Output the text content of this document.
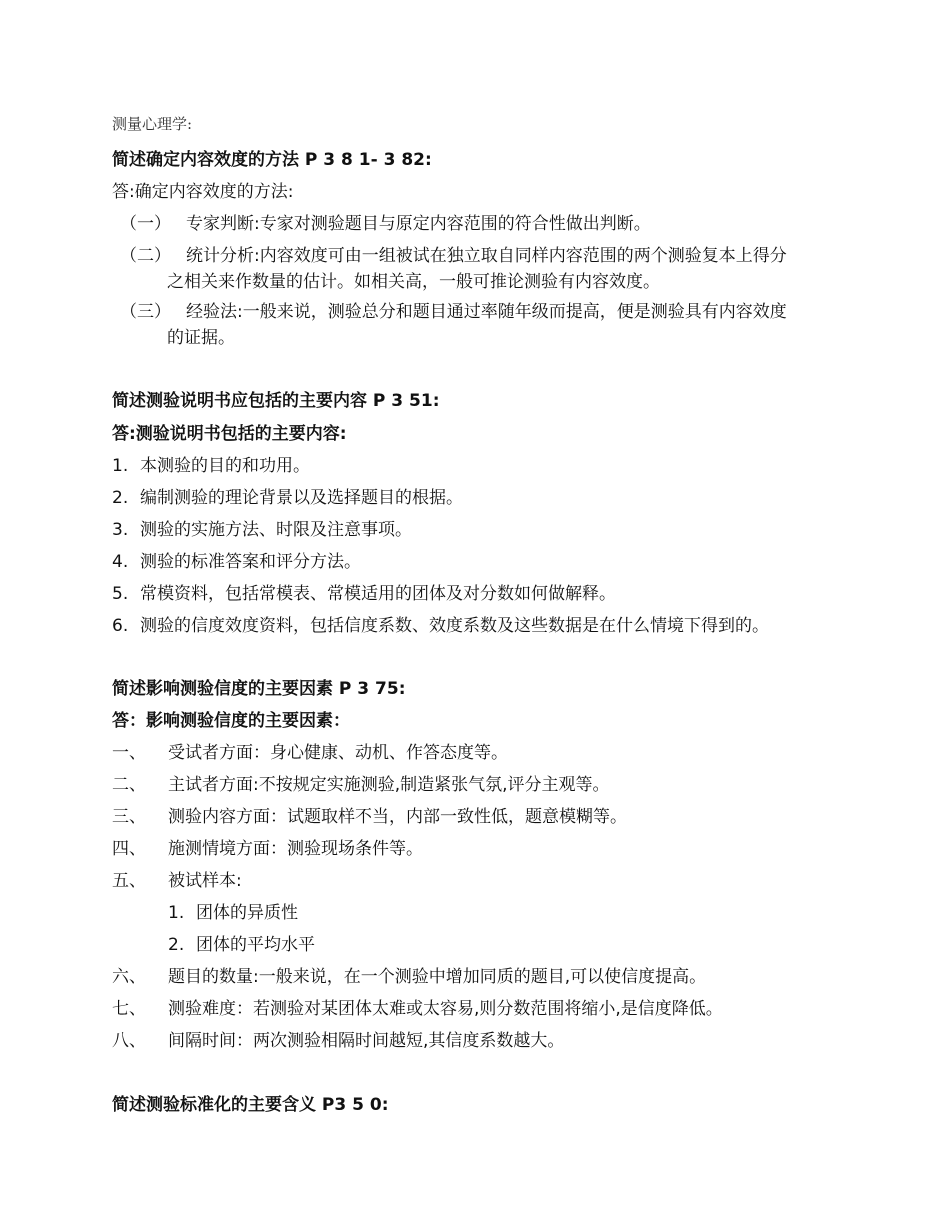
测量心理学:
简述确定内容效度的方法 P 3 8 1- 3 82:
答:确定内容效度的方法:
（一） 专家判断:专家对测验题目与原定内容范围的符合性做出判断。
（二） 统计分析:内容效度可由一组被试在独立取自同样内容范围的两个测验复本上得分
之相关来作数量的估计。如相关高，一般可推论测验有内容效度。
（三） 经验法:一般来说，测验总分和题目通过率随年级而提高，便是测验具有内容效度
的证据。
简述测验说明书应包括的主要内容 P 3 51:
答:测验说明书包括的主要内容:
1. 本测验的目的和功用。
2. 编制测验的理论背景以及选择题目的根据。
3. 测验的实施方法、时限及注意事项。
4. 测验的标准答案和评分方法。
5. 常模资料，包括常模表、常模适用的团体及对分数如何做解释。
6. 测验的信度效度资料，包括信度系数、效度系数及这些数据是在什么情境下得到的。
简述影响测验信度的主要因素 P 3 75:
答：影响测验信度的主要因素：
一、 受试者方面：身心健康、动机、作答态度等。
二、 主试者方面:不按规定实施测验,制造紧张气氛,评分主观等。
三、 测验内容方面：试题取样不当，内部一致性低，题意模糊等。
四、 施测情境方面：测验现场条件等。
五、 被试样本:
1. 团体的异质性
2. 团体的平均水平
六、 题目的数量:一般来说，在一个测验中增加同质的题目,可以使信度提高。
七、 测验难度：若测验对某团体太难或太容易,则分数范围将缩小,是信度降低。
八、 间隔时间：两次测验相隔时间越短,其信度系数越大。
简述测验标准化的主要含义 P3 5 0:
